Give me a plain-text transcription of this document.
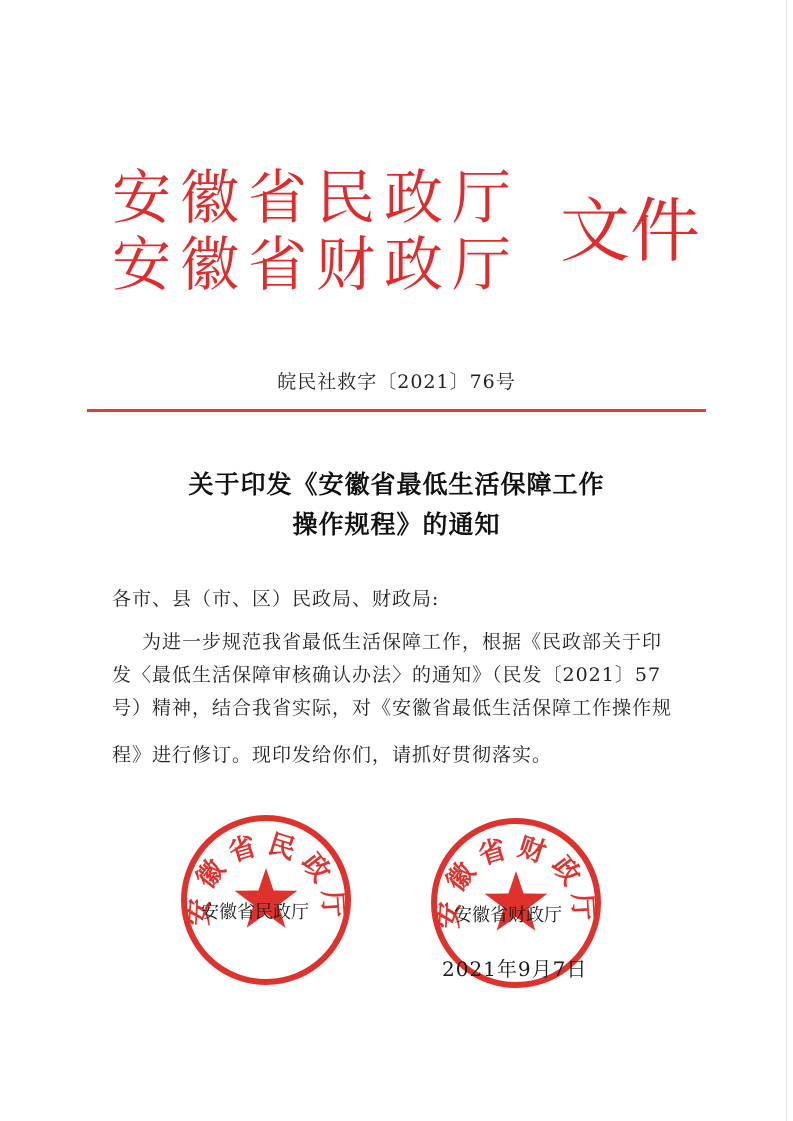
安徽省民政厅
安徽省财政厅 文件
皖民社救字〔2021〕76号
关于印发《安徽省最低生活保障工作
操作规程》的通知
各市、县（市、区）民政局、财政局:
为进一步规范我省最低生活保障工作，根据《民政部关于印
发〈最低生活保障审核确认办法〉的通知》（民发〔2021〕57
号）精神，结合我省实际，对《安徽省最低生活保障工作操作规
程》进行修订。现印发给你们，请抓好贯彻落实。
安徽省民政厅	安徽省财政厅
安徽省民政厅	安徽省财政厅
2021年9月7日
